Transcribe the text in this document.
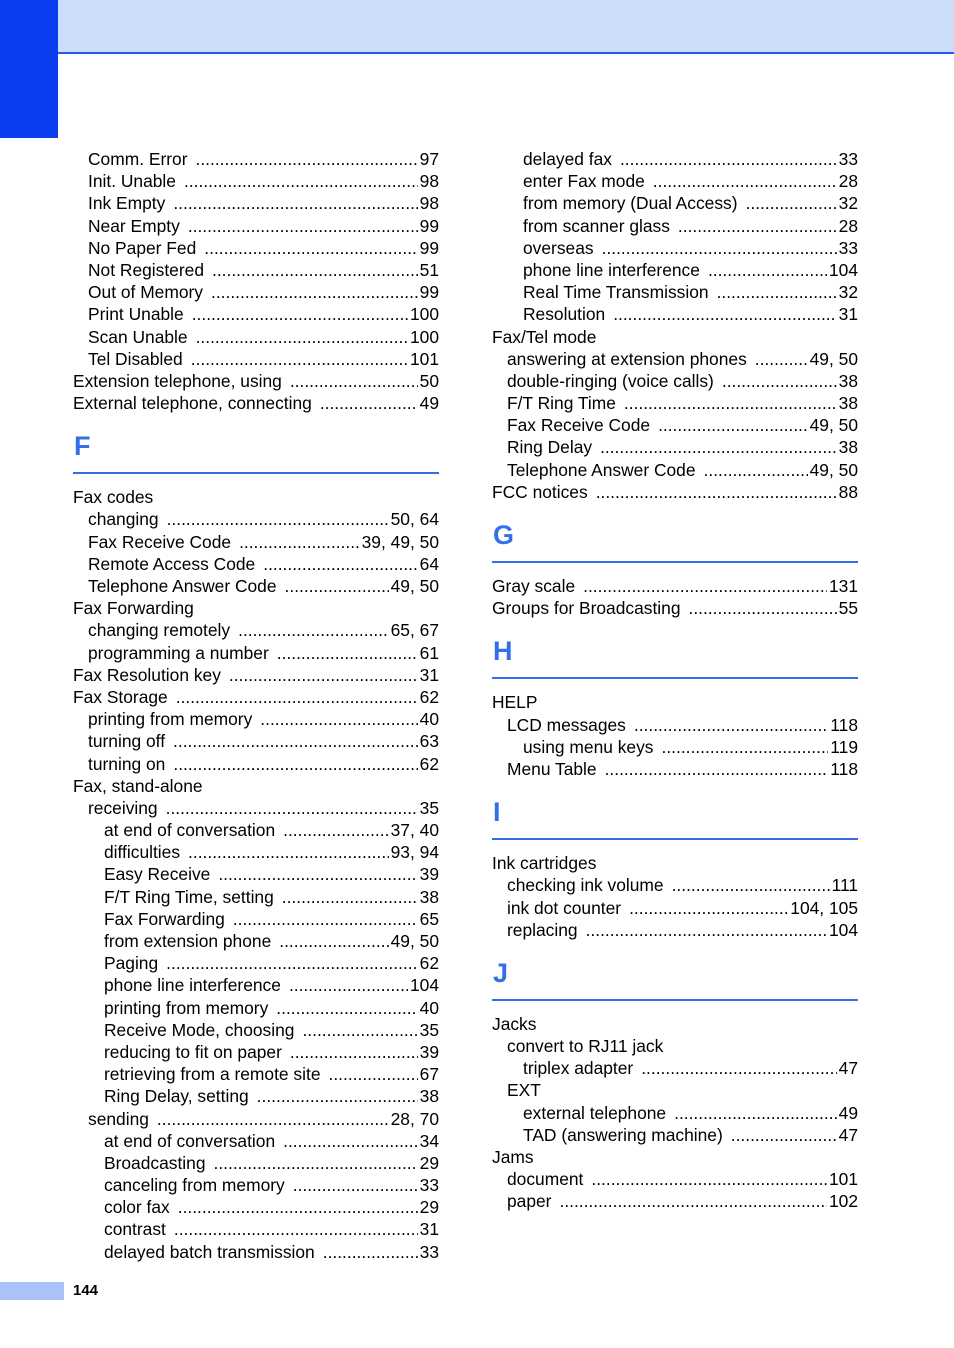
Comm. Error .....	97
Init. Unable .....	98
Ink Empty .....	98
Near Empty .....	99
No Paper Fed .....	99
Not Registered .....	51
Out of Memory .....	99
Print Unable .....	100
Scan Unable .....	100
Tel Disabled .....	101
Extension telephone, using .....	50
External telephone, connecting .....	49
F
Fax codes
changing .....	50, 64
Fax Receive Code .....	39, 49, 50
Remote Access Code .....	64
Telephone Answer Code .....	49, 50
Fax Forwarding
changing remotely .....	65, 67
programming a number .....	61
Fax Resolution key .....	31
Fax Storage .....	62
printing from memory .....	40
turning off .....	63
turning on .....	62
Fax, stand-alone
receiving .....	35
at end of conversation .....	37, 40
difficulties .....	93, 94
Easy Receive .....	39
F/T Ring Time, setting .....	38
Fax Forwarding .....	65
from extension phone .....	49, 50
Paging .....	62
phone line interference .....	104
printing from memory .....	40
Receive Mode, choosing .....	35
reducing to fit on paper .....	39
retrieving from a remote site .....	67
Ring Delay, setting .....	38
sending .....	28, 70
at end of conversation .....	34
Broadcasting .....	29
canceling from memory .....	33
color fax .....	29
contrast .....	31
delayed batch transmission .....	33
delayed fax .....	33
enter Fax mode .....	28
from memory (Dual Access) .....	32
from scanner glass .....	28
overseas .....	33
phone line interference .....	104
Real Time Transmission .....	32
Resolution .....	31
Fax/Tel mode
answering at extension phones .....	49, 50
double-ringing (voice calls) .....	38
F/T Ring Time .....	38
Fax Receive Code .....	49, 50
Ring Delay .....	38
Telephone Answer Code .....	49, 50
FCC notices .....	88
G
Gray scale .....	131
Groups for Broadcasting .....	55
H
HELP
LCD messages .....	118
using menu keys .....	119
Menu Table .....	118
I
Ink cartridges
checking ink volume .....	111
ink dot counter .....	104, 105
replacing .....	104
J
Jacks
convert to RJ11 jack
triplex adapter .....	47
EXT
external telephone .....	49
TAD (answering machine) .....	47
Jams
document .....	101
paper .....	102
144
